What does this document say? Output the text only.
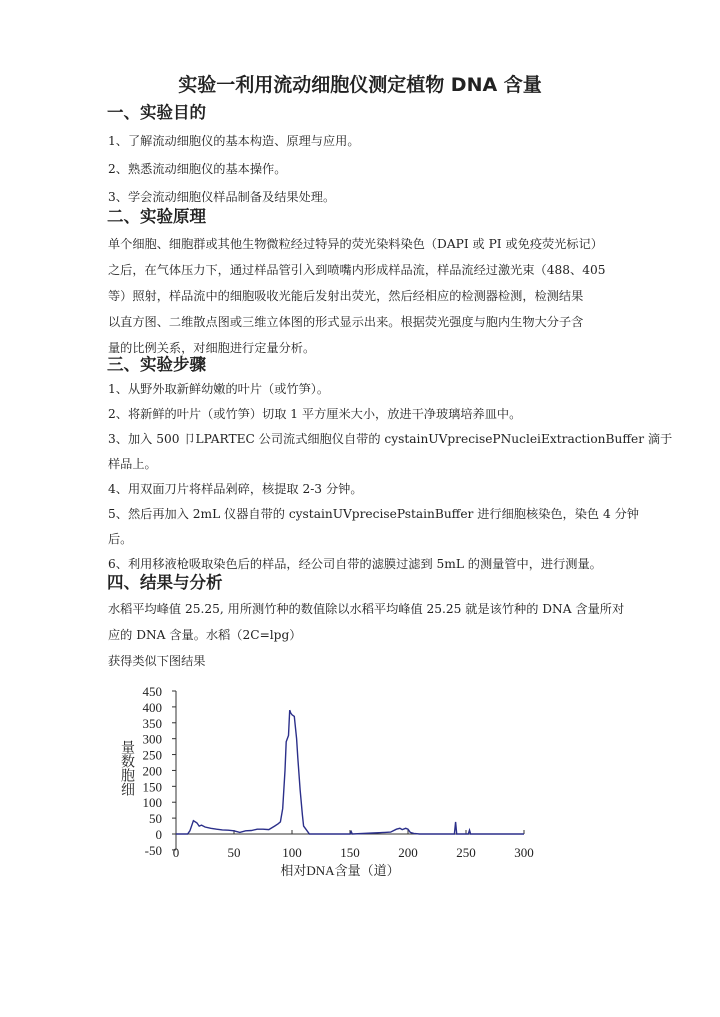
实验一利用流动细胞仪测定植物 DNA 含量
一、实验目的
1、了解流动细胞仪的基本构造、原理与应用。
2、熟悉流动细胞仪的基本操作。
3、学会流动细胞仪样品制备及结果处理。
二、实验原理
单个细胞、细胞群或其他生物微粒经过特异的荧光染料染色（DAPI 或 PI 或免疫荧光标记）
之后，在气体压力下，通过样品管引入到喷嘴内形成样品流，样品流经过激光束（488、405
等）照射，样品流中的细胞吸收光能后发射出荧光，然后经相应的检测器检测，检测结果
以直方图、二维散点图或三维立体图的形式显示出来。根据荧光强度与胞内生物大分子含
量的比例关系，对细胞进行定量分析。
三、实验步骤
1、从野外取新鲜幼嫩的叶片（或竹笋）。
2、将新鲜的叶片（或竹笋）切取 1 平方厘米大小，放进干净玻璃培养皿中。
3、加入 500 卩LPARTEC 公司流式细胞仪自带的 cystainUVprecisePNucleiExtractionBuffer 滴于
样品上。
4、用双面刀片将样品剁碎，核提取 2-3 分钟。
5、然后再加入 2mL 仪器自带的 cystainUVprecisePstainBuffer 进行细胞核染色，染色 4 分钟
后。
6、利用移液枪吸取染色后的样品，经公司自带的滤膜过滤到 5mL 的测量管中，进行测量。
四、结果与分析
水稻平均峰值 25.25, 用所测竹种的数值除以水稻平均峰值 25.25 就是该竹种的 DNA 含量所对
应的 DNA 含量。水稻（2C=lpg）
获得类似下图结果
450
400
350
300
250
200
150
100
50
0
-50 0	50	100	150	200	250	300
相对DNA含量（道）
量数胞细
